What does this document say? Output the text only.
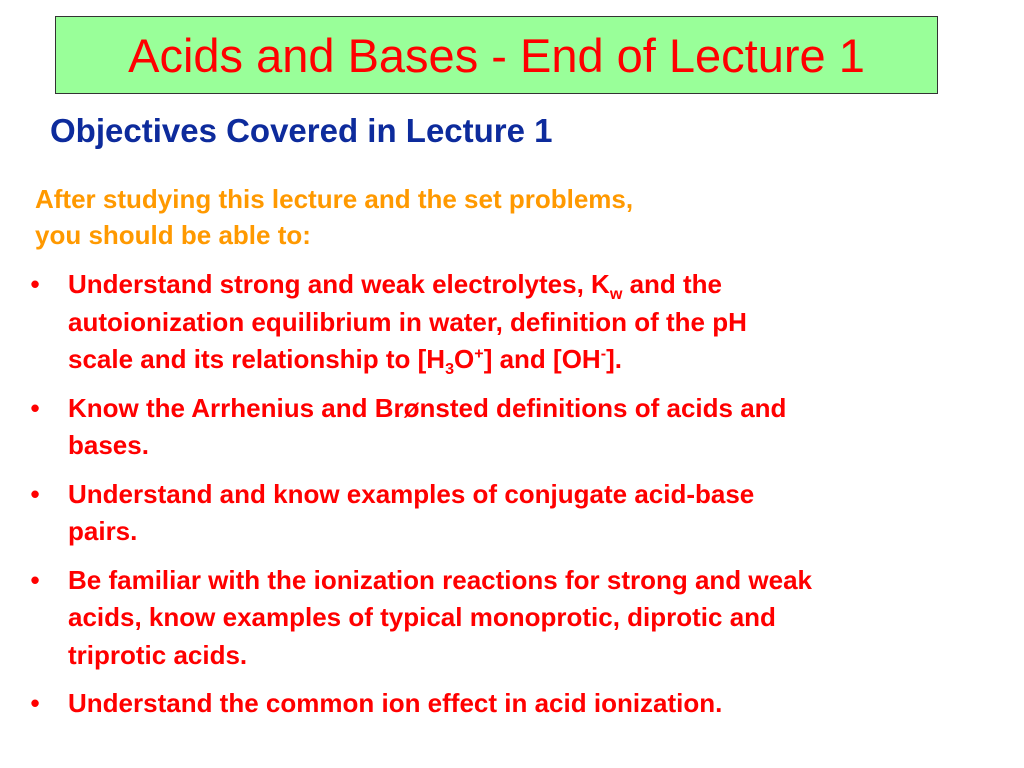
Acids and Bases - End of Lecture 1
Objectives Covered in Lecture 1
After studying this lecture and the set problems,
you should be able to:
• Understand strong and weak electrolytes, $K_w$ and the
autoionization equilibrium in water, definition of the pH
scale and its relationship to $[H_3O^+]$ and [OH-].
• Know the Arrhenius and Brønsted definitions of acids and
bases.
• Understand and know examples of conjugate acid-base
pairs.
• Be familiar with the ionization reactions for strong and weak
acids, know examples of typical monoprotic, diprotic and
triprotic acids.
• Understand the common ion effect in acid ionization.
